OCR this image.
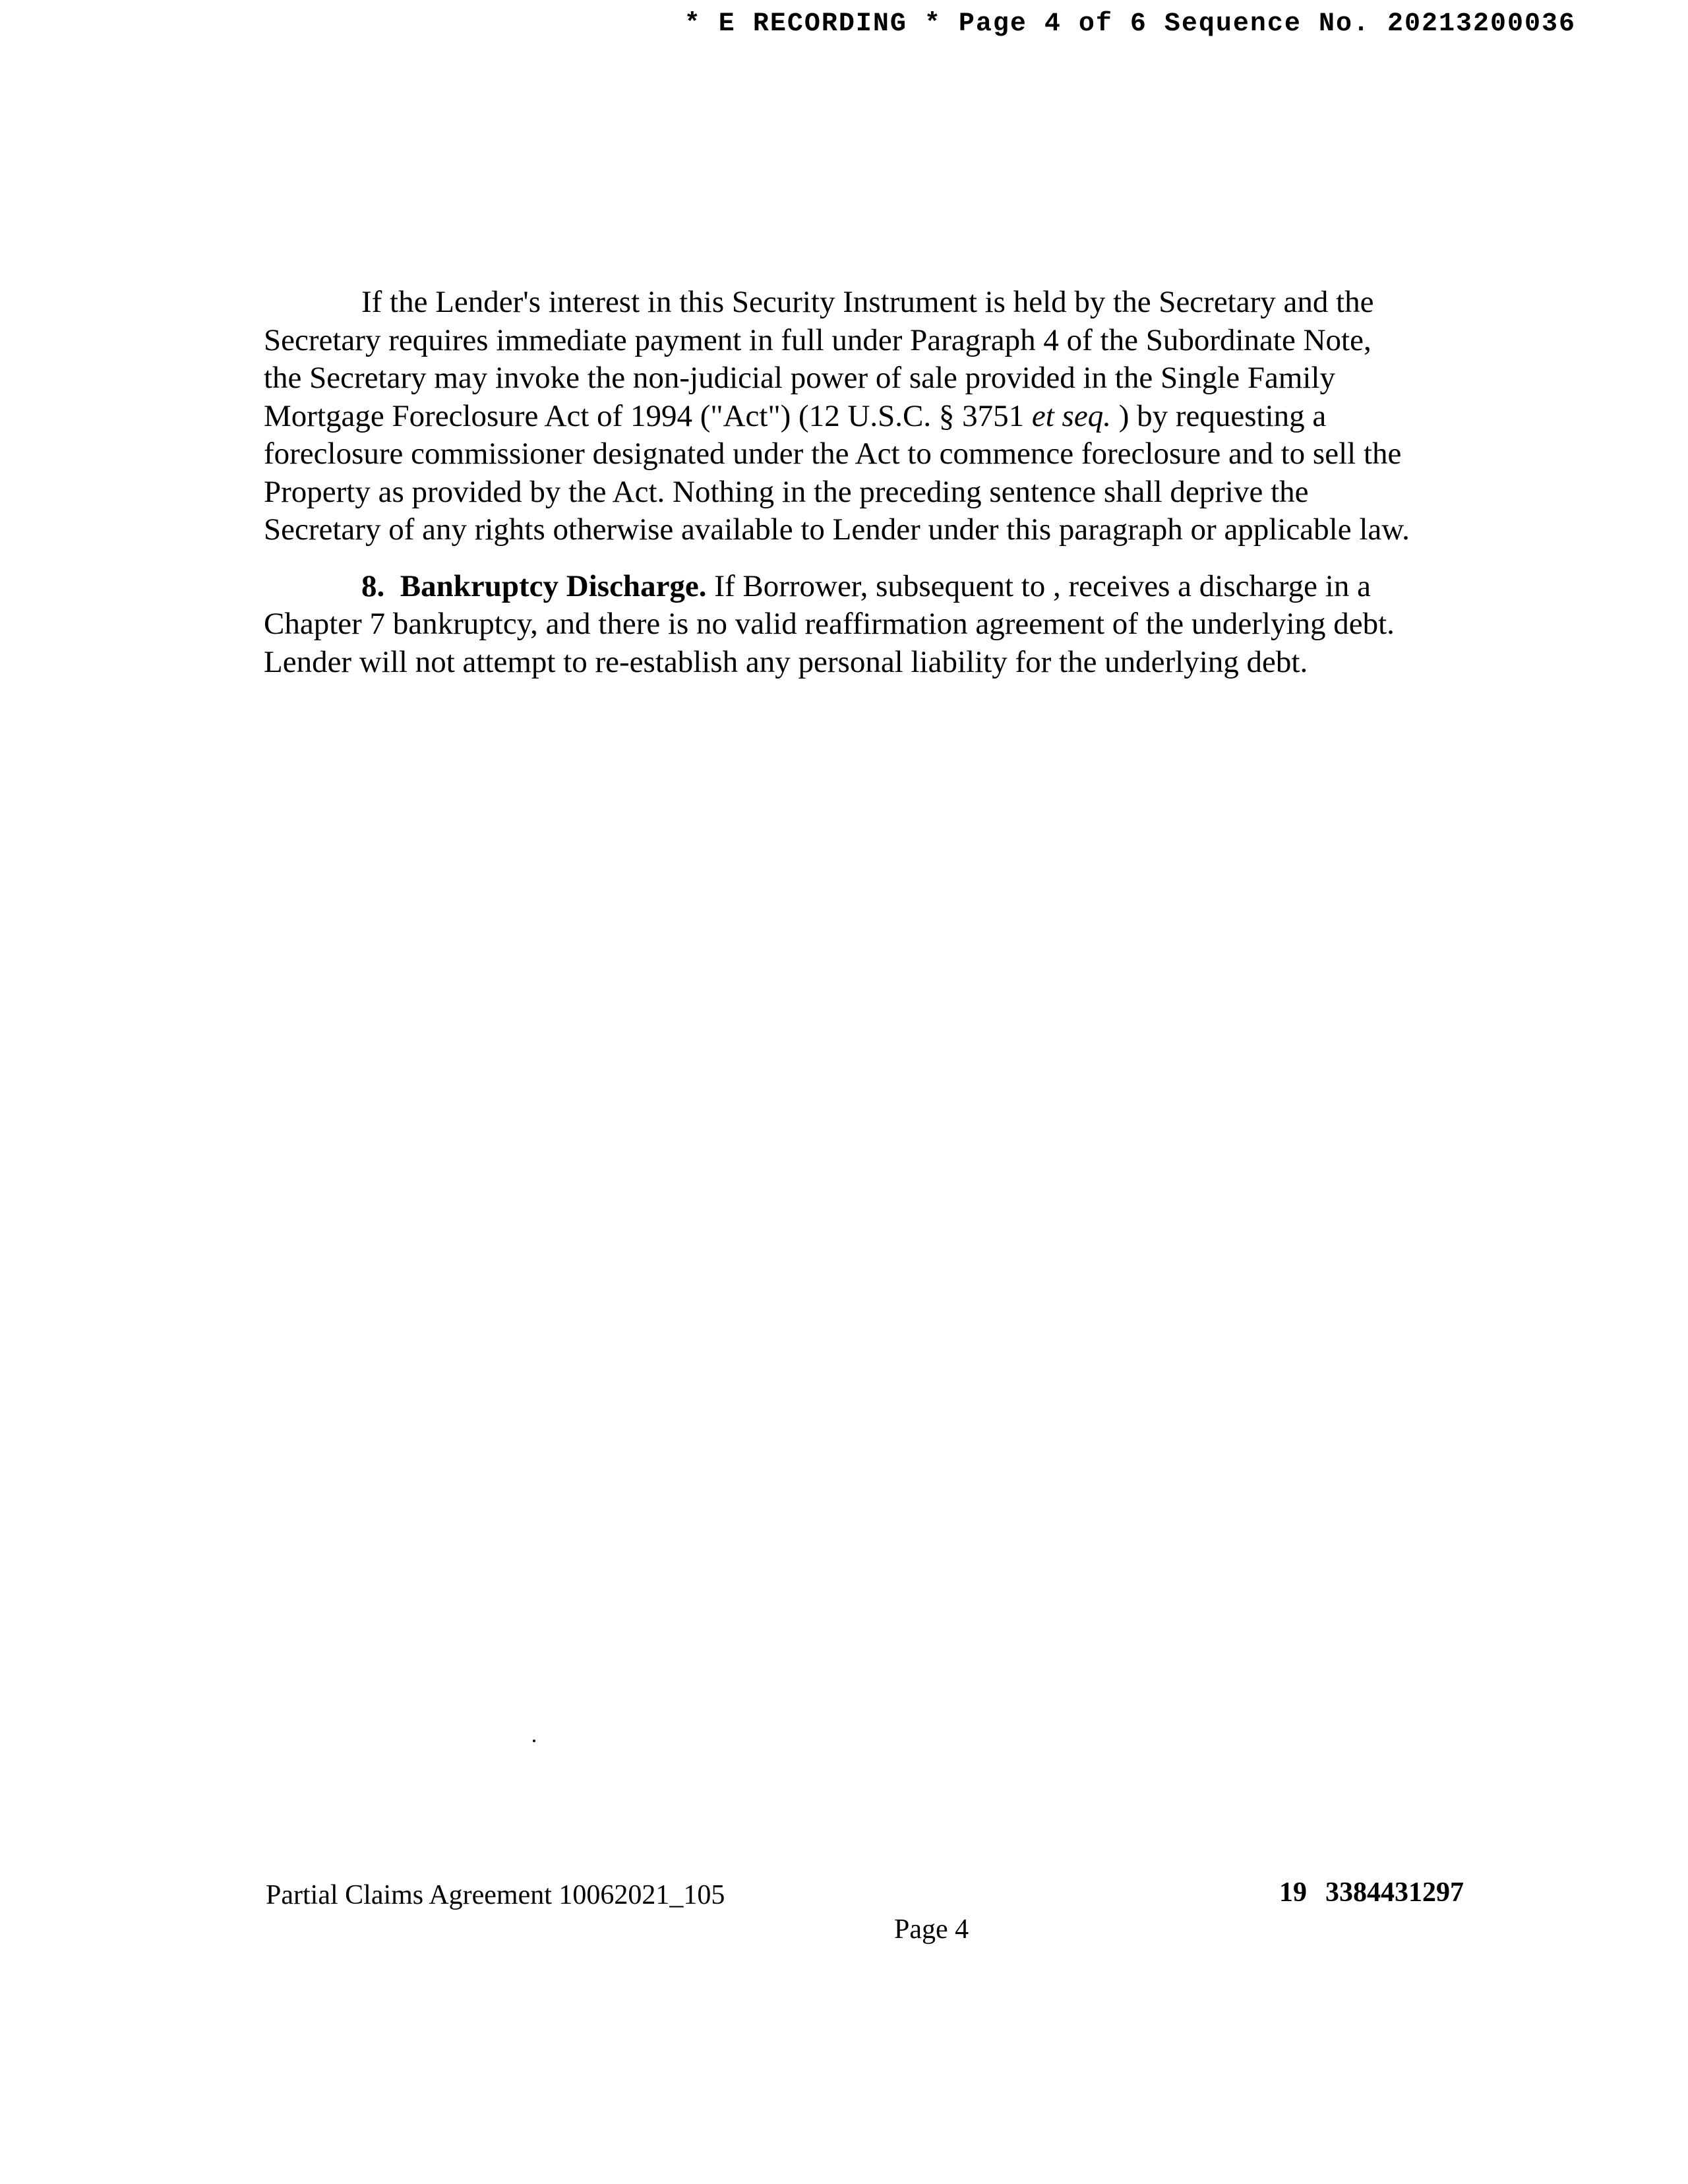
* E RECORDING * Page 4 of 6 Sequence No. 20213200036

If the Lender's interest in this Security Instrument is held by the Secretary and the
Secretary requires immediate payment in full under Paragraph 4 of the Subordinate Note,
the Secretary may invoke the non-judicial power of sale provided in the Single Family
Mortgage Foreclosure Act of 1994 ("Act") (12 U.S.C. § 3751 et seq. ) by requesting a
foreclosure commissioner designated under the Act to commence foreclosure and to sell the
Property as provided by the Act. Nothing in the preceding sentence shall deprive the
Secretary of any rights otherwise available to Lender under this paragraph or applicable law.

8. Bankruptcy Discharge. If Borrower, subsequent to , receives a discharge in a
Chapter 7 bankruptcy, and there is no valid reaffirmation agreement of the underlying debt.
Lender will not attempt to re-establish any personal liability for the underlying debt.

Partial Claims Agreement 10062021_105	19 3384431297
Page 4
